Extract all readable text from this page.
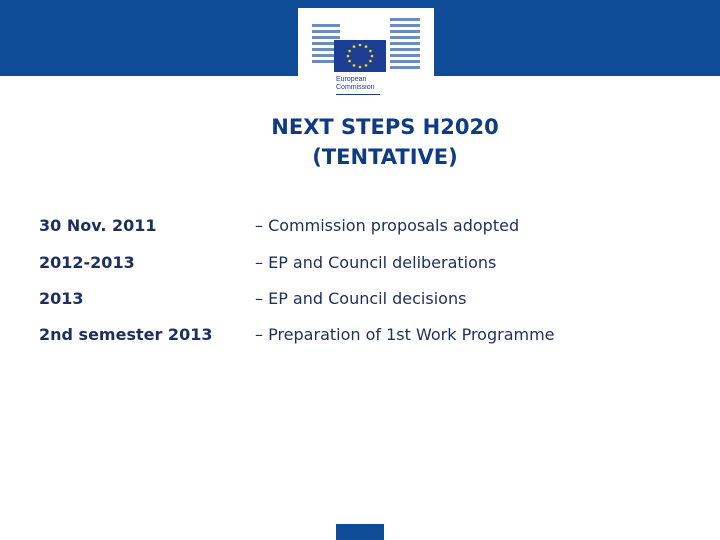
European
Commission
NEXT STEPS H2020
(TENTATIVE)
30 Nov. 2011	– Commission proposals adopted
2012-2013	– EP and Council deliberations
2013	– EP and Council decisions
2nd semester 2013	– Preparation of 1st Work Programme
